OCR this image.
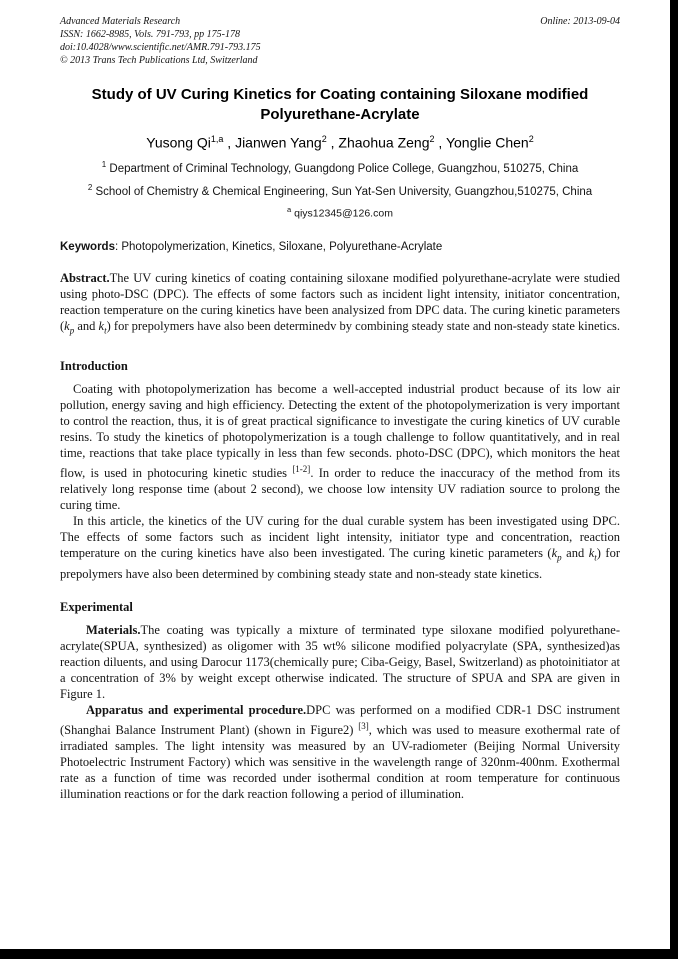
Advanced Materials Research
ISSN: 1662-8985, Vols. 791-793, pp 175-178
doi:10.4028/www.scientific.net/AMR.791-793.175
© 2013 Trans Tech Publications Ltd, Switzerland
Online: 2013-09-04
Study of UV Curing Kinetics for Coating containing Siloxane modified Polyurethane-Acrylate
Yusong Qi$^{1,a}$ , Jianwen Yang$^2$ , Zhaohua Zeng$^2$ , Yonglie Chen$^2$
$^1$ Department of Criminal Technology, Guangdong Police College, Guangzhou, 510275, China
$^2$ School of Chemistry & Chemical Engineering, Sun Yat-Sen University, Guangzhou,510275, China
$^a$ qiys12345@126.com
Keywords: Photopolymerization, Kinetics, Siloxane, Polyurethane-Acrylate

Abstract.The UV curing kinetics of coating containing siloxane modified polyurethane-acrylate were studied using photo-DSC (DPC). The effects of some factors such as incident light intensity, initiator concentration, reaction temperature on the curing kinetics have been analysized from DPC data. The curing kinetic parameters ($k_p$ and $k_t$) for prepolymers have also been determinedv by combining steady state and non-steady state kinetics.

Introduction

Coating with photopolymerization has become a well-accepted industrial product because of its low air pollution, energy saving and high efficiency. Detecting the extent of the photopolymerization is very important to control the reaction, thus, it is of great practical significance to investigate the curing kinetics of UV curable resins. To study the kinetics of photopolymerization is a tough challenge to follow quantitatively, and in real time, reactions that take place typically in less than few seconds. photo-DSC (DPC), which monitors the heat flow, is used in photocuring kinetic studies [1-2]. In order to reduce the inaccuracy of the method from its relatively long response time (about 2 second), we choose low intensity UV radiation source to prolong the curing time.

In this article, the kinetics of the UV curing for the dual curable system has been investigated using DPC. The effects of some factors such as incident light intensity, initiator type and concentration, reaction temperature on the curing kinetics have also been investigated. The curing kinetic parameters ($k_p$ and $k_t$) for prepolymers have also been determined by combining steady state and non-steady state kinetics.

Experimental

Materials.The coating was typically a mixture of terminated type siloxane modified polyurethane-acrylate(SPUA, synthesized) as oligomer with 35 wt% silicone modified polyacrylate (SPA, synthesized)as reaction diluents, and using Darocur 1173(chemically pure; Ciba-Geigy, Basel, Switzerland) as photoinitiator at a concentration of 3% by weight except otherwise indicated. The structure of SPUA and SPA are given in Figure 1.

Apparatus and experimental procedure.DPC was performed on a modified CDR-1 DSC instrument (Shanghai Balance Instrument Plant) (shown in Figure2) [3], which was used to measure exothermal rate of irradiated samples. The light intensity was measured by an UV-radiometer (Beijing Normal University Photoelectric Instrument Factory) which was sensitive in the wavelength range of 320nm-400nm. Exothermal rate as a function of time was recorded under isothermal condition at room temperature for continuous illumination reactions or for the dark reaction following a period of illumination.
